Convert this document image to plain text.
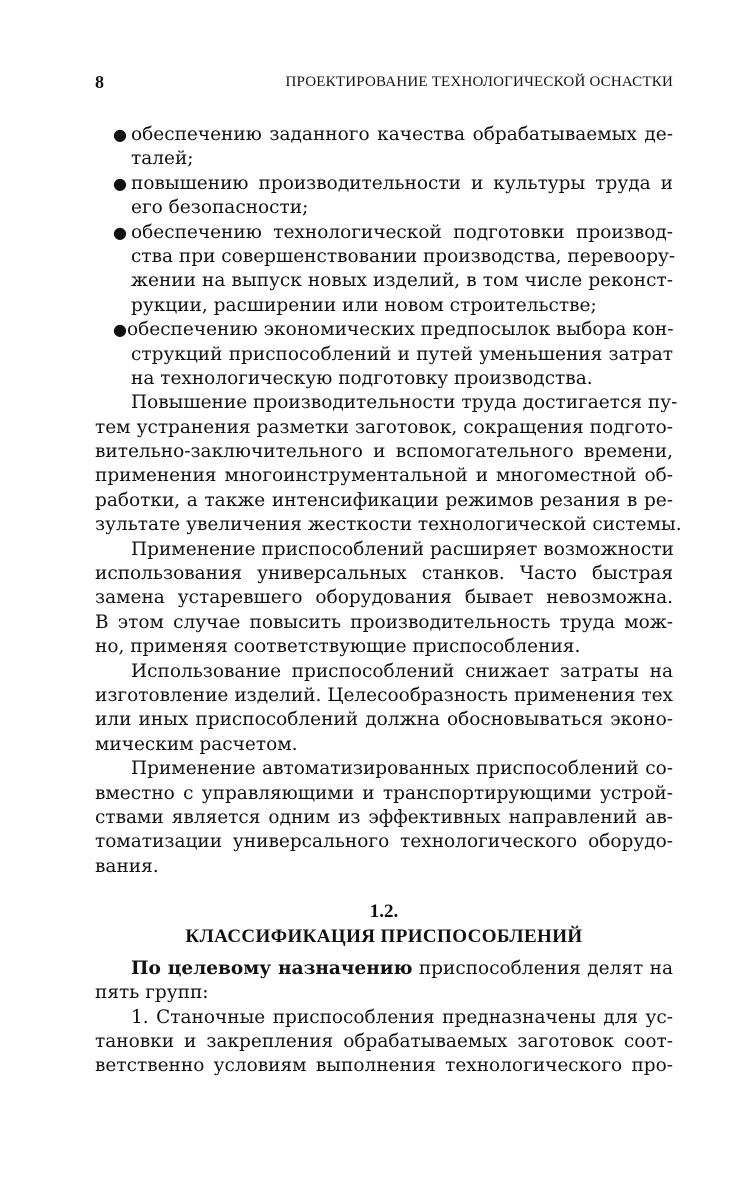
8	ПРОЕКТИРОВАНИЕ ТЕХНОЛОГИЧЕСКОЙ ОСНАСТКИ
● обеспечению заданного качества обрабатываемых де-
талей;
● повышению производительности и культуры труда и
его безопасности;
● обеспечению технологической подготовки производ-
ства при совершенствовании производства, перевоору-
жении на выпуск новых изделий, в том числе реконст-
рукции, расширении или новом строительстве;
● обеспечению экономических предпосылок выбора кон-
струкций приспособлений и путей уменьшения затрат
на технологическую подготовку производства.
Повышение производительности труда достигается пу-
тем устранения разметки заготовок, сокращения подгото-
вительно-заключительного и вспомогательного времени,
применения многоинструментальной и многоместной об-
работки, а также интенсификации режимов резания в ре-
зультате увеличения жесткости технологической системы.
Применение приспособлений расширяет возможности
использования универсальных станков. Часто быстрая
замена устаревшего оборудования бывает невозможна.
В этом случае повысить производительность труда мож-
но, применяя соответствующие приспособления.
Использование приспособлений снижает затраты на
изготовление изделий. Целесообразность применения тех
или иных приспособлений должна обосновываться эконо-
мическим расчетом.
Применение автоматизированных приспособлений со-
вместно с управляющими и транспортирующими устрой-
ствами является одним из эффективных направлений ав-
томатизации универсального технологического оборудо-
вания.
1.2.
КЛАССИФИКАЦИЯ ПРИСПОСОБЛЕНИЙ
По целевому назначению приспособления делят на
пять групп:
1. Станочные приспособления предназначены для ус-
тановки и закрепления обрабатываемых заготовок соот-
ветственно условиям выполнения технологического про-
